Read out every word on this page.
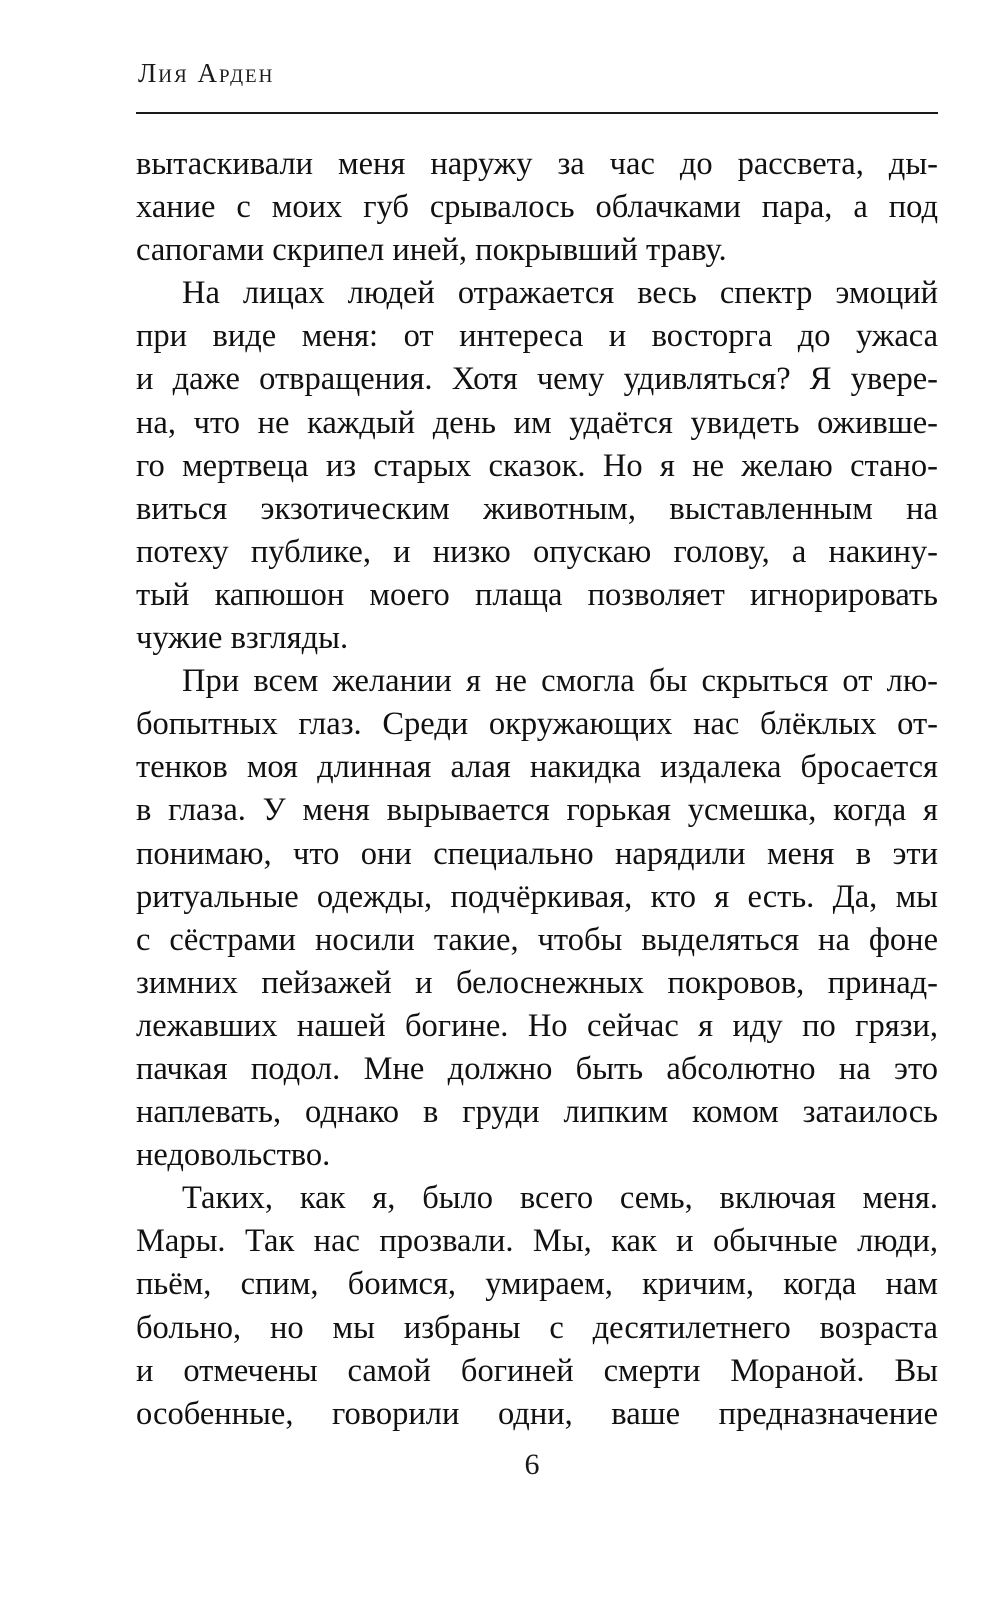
Лия Арден

вытаскивали меня наружу за час до рассвета, ды-
хание с моих губ срывалось облачками пара, а под
сапогами скрипел иней, покрывший траву.
На лицах людей отражается весь спектр эмоций
при виде меня: от интереса и восторга до ужаса
и даже отвращения. Хотя чему удивляться? Я увере-
на, что не каждый день им удаётся увидеть оживше-
го мертвеца из старых сказок. Но я не желаю стано-
виться экзотическим животным, выставленным на
потеху публике, и низко опускаю голову, а накину-
тый капюшон моего плаща позволяет игнорировать
чужие взгляды.
При всем желании я не смогла бы скрыться от лю-
бопытных глаз. Среди окружающих нас блёклых от-
тенков моя длинная алая накидка издалека бросается
в глаза. У меня вырывается горькая усмешка, когда я
понимаю, что они специально нарядили меня в эти
ритуальные одежды, подчёркивая, кто я есть. Да, мы
с сёстрами носили такие, чтобы выделяться на фоне
зимних пейзажей и белоснежных покровов, принад-
лежавших нашей богине. Но сейчас я иду по грязи,
пачкая подол. Мне должно быть абсолютно на это
наплевать, однако в груди липким комом затаилось
недовольство.
Таких, как я, было всего семь, включая меня.
Мары. Так нас прозвали. Мы, как и обычные люди,
пьём, спим, боимся, умираем, кричим, когда нам
больно, но мы избраны с десятилетнего возраста
и отмечены самой богиней смерти Мораной. Вы
особенные, говорили одни, ваше предназначение

6
